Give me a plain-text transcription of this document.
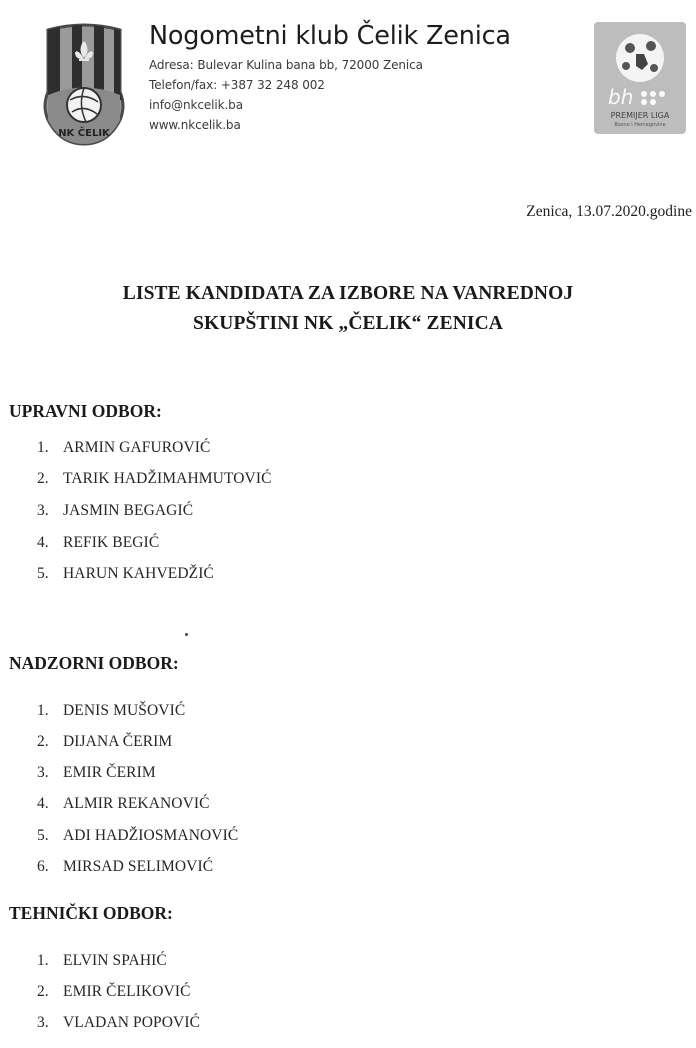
NK ČELIK
Nogometni klub Čelik Zenica
Adresa: Bulevar Kulina bana bb, 72000 Zenica
Telefon/fax: +387 32 248 002
info@nkcelik.ba
www.nkcelik.ba
bh
PREMIJER LIGA
Bosne i Hercegovine
Zenica, 13.07.2020.godine
LISTE KANDIDATA ZA IZBORE NA VANREDNOJ
SKUPŠTINI NK „ČELIK“ ZENICA
UPRAVNI ODBOR:
1. ARMIN GAFUROVIĆ
2. TARIK HADŽIMAHMUTOVIĆ
3. JASMIN BEGAGIĆ
4. REFIK BEGIĆ
5. HARUN KAHVEDŽIĆ
NADZORNI ODBOR:
1. DENIS MUŠOVIĆ
2. DIJANA ČERIM
3. EMIR ČERIM
4. ALMIR REKANOVIĆ
5. ADI HADŽIOSMANOVIĆ
6. MIRSAD SELIMOVIĆ
TEHNIČKI ODBOR:
1. ELVIN SPAHIĆ
2. EMIR ČELIKOVIĆ
3. VLADAN POPOVIĆ
